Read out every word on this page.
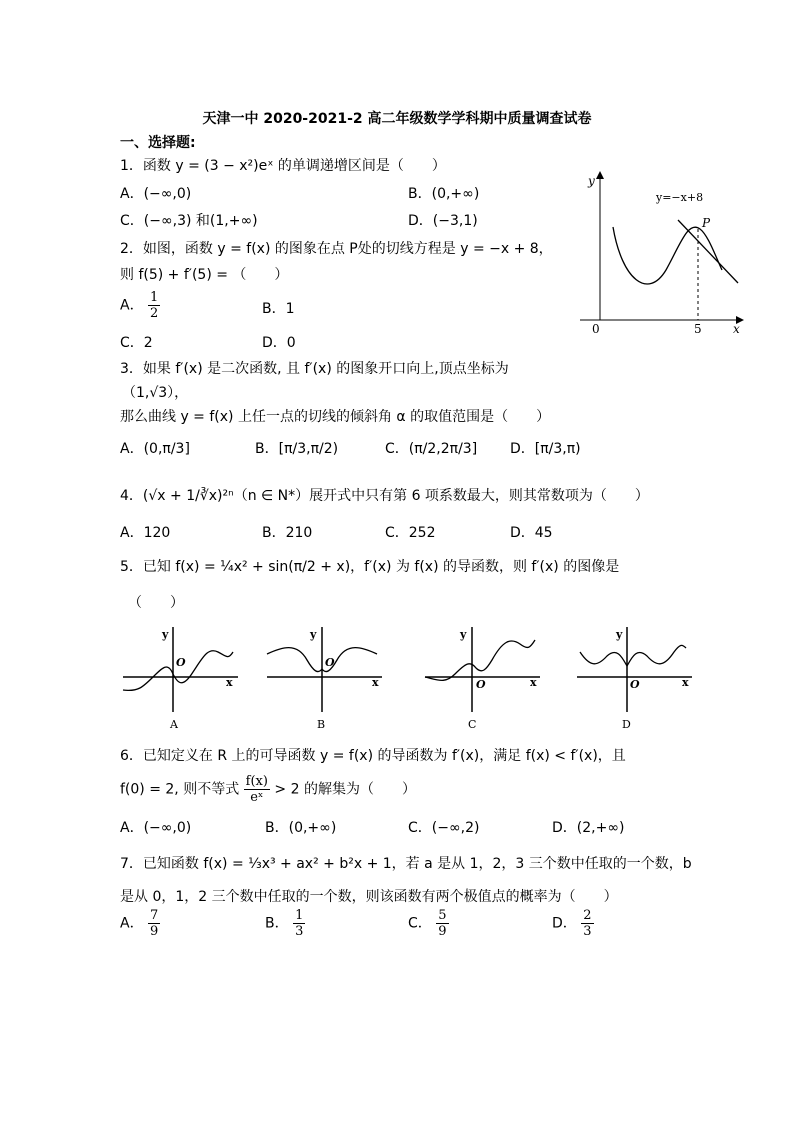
天津一中 2020-2021-2 高二年级数学学科期中质量调查试卷
一、选择题:
1．函数 y = (3 − x²)eˣ 的单调递增区间是（　　）
A．(−∞,0)	B．(0,+∞)
C．(−∞,3) 和(1,+∞)	D．(−3,1)
2．如图，函数 y = f(x) 的图象在点 P处的切线方程是 y = −x + 8，
则 f(5) + f′(5) = （　　）
A． $\frac{1}{2}$	B．1
C．2	D．0
y
x
0	5
P
y=−x+8
3．如果 f′(x) 是二次函数, 且 f′(x) 的图象开口向上,顶点坐标为
（1,√3），
那么曲线 y = f(x) 上任一点的切线的倾斜角 α 的取值范围是（　　）
A．(0,π/3]	B．[π/3,π/2)	C．(π/2,2π/3] D．[π/3,π)
4．(√x + 1/∛x)²ⁿ（n ∈ N*）展开式中只有第 6 项系数最大，则其常数项为（　　）
A．120	B．210	C．252	D．45
5．已知 f(x) = ¼x² + sin(π/2 + x)，f′(x) 为 f(x) 的导函数，则 f′(x) 的图像是
（　　）
y
O
x
A
y
O
x
B
y
O	x
C
y
O	x
D
6．已知定义在 R 上的可导函数 y = f(x) 的导函数为 f′(x)，满足 f(x) < f′(x)，且
f(0) = 2, 则不等式 $\frac{f(x)}{\text{eˣ}} > 2$ 的解集为（　　）
A．(−∞,0)	B．(0,+∞)	C．(−∞,2)	D．(2,+∞)
7．已知函数 f(x) = ⅓x³ + ax² + b²x + 1，若 a 是从 1，2，3 三个数中任取的一个数，b
是从 0，1，2 三个数中任取的一个数，则该函数有两个极值点的概率为（　　）
A． $\frac{7}{9}$	B． $\frac{1}{3}$	C． $\frac{5}{9}$	D． $\frac{2}{3}$
